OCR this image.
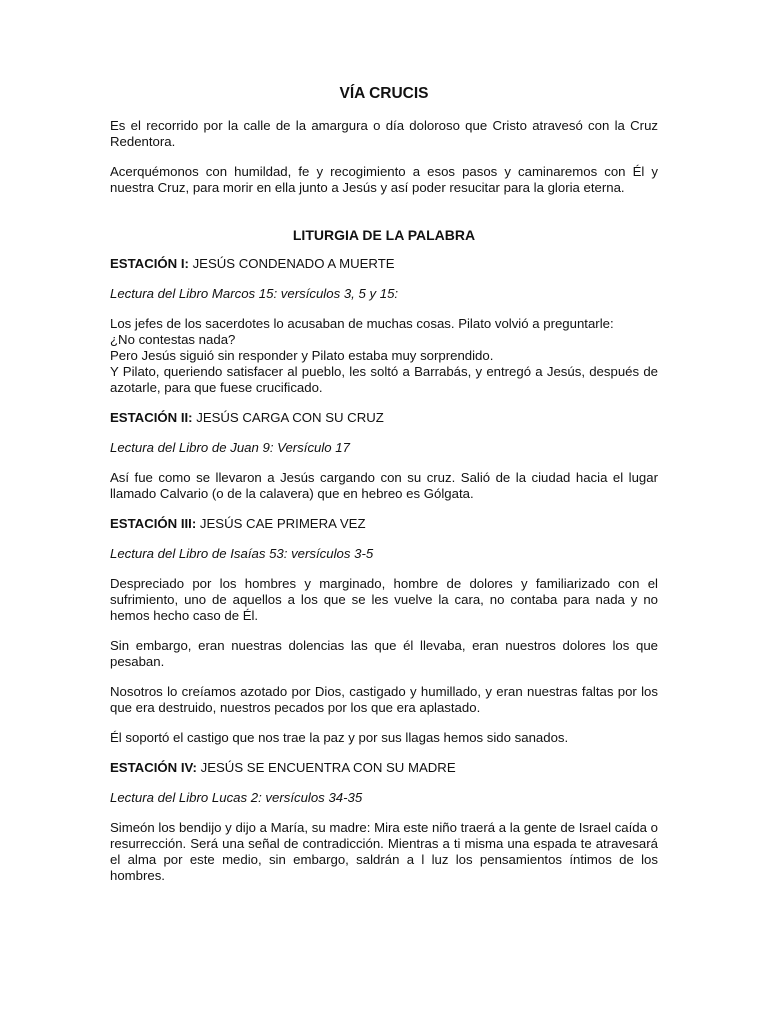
VÍA CRUCIS

Es el recorrido por la calle de la amargura o día doloroso que Cristo atravesó con la Cruz Redentora.

Acerquémonos con humildad, fe y recogimiento a esos pasos y caminaremos con Él y nuestra Cruz, para morir en ella junto a Jesús y así poder resucitar para la gloria eterna.

LITURGIA DE LA PALABRA
ESTACIÓN I: JESÚS CONDENADO A MUERTE
Lectura del Libro Marcos 15: versículos 3, 5 y 15:

Los jefes de los sacerdotes lo acusaban de muchas cosas. Pilato volvió a preguntarle:
¿No contestas nada?
Pero Jesús siguió sin responder y Pilato estaba muy sorprendido.
Y Pilato, queriendo satisfacer al pueblo, les soltó a Barrabás, y entregó a Jesús, después de azotarle, para que fuese crucificado.

ESTACIÓN II: JESÚS CARGA CON SU CRUZ
Lectura del Libro de Juan 9: Versículo 17

Así fue como se llevaron a Jesús cargando con su cruz. Salió de la ciudad hacia el lugar llamado Calvario (o de la calavera) que en hebreo es Gólgata.

ESTACIÓN III: JESÚS CAE PRIMERA VEZ
Lectura del Libro de Isaías 53: versículos 3-5

Despreciado por los hombres y marginado, hombre de dolores y familiarizado con el sufrimiento, uno de aquellos a los que se les vuelve la cara, no contaba para nada y no hemos hecho caso de Él.

Sin embargo, eran nuestras dolencias las que él llevaba, eran nuestros dolores los que pesaban.

Nosotros lo creíamos azotado por Dios, castigado y humillado, y eran nuestras faltas por los que era destruido, nuestros pecados por los que era aplastado.

Él soportó el castigo que nos trae la paz y por sus llagas hemos sido sanados.

ESTACIÓN IV: JESÚS SE ENCUENTRA CON SU MADRE
Lectura del Libro Lucas 2: versículos 34-35

Simeón los bendijo y dijo a María, su madre: Mira este niño traerá a la gente de Israel caída o resurrección. Será una señal de contradicción. Mientras a ti misma una espada te atravesará el alma por este medio, sin embargo, saldrán a l luz los pensamientos íntimos de los hombres.
